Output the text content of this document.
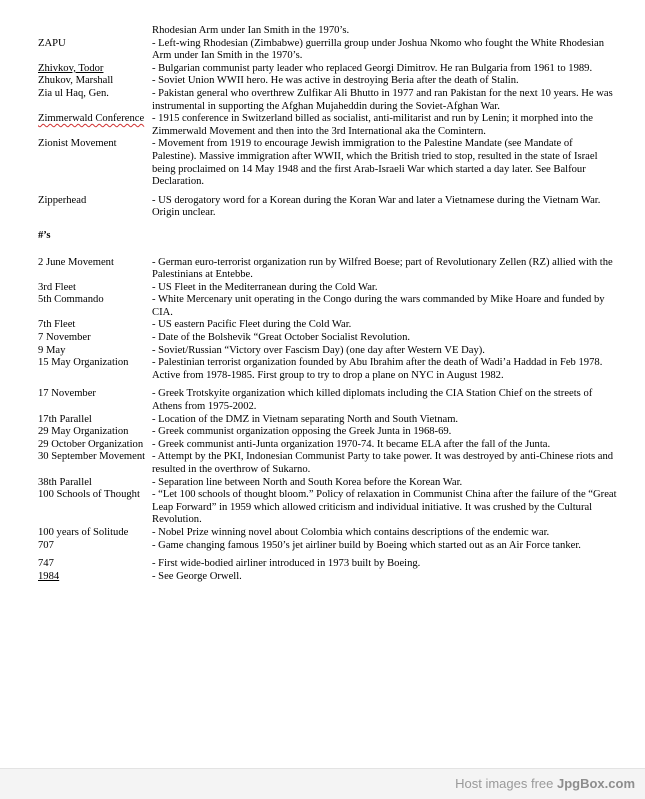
Rhodesian Arm under Ian Smith in the 1970’s.
ZAPU	- Left-wing Rhodesian (Zimbabwe) guerrilla group under Joshua Nkomo who fought the White Rhodesian Arm under Ian Smith in the 1970’s.
Zhivkov, Todor	- Bulgarian communist party leader who replaced Georgi Dimitrov. He ran Bulgaria from 1961 to 1989.
Zhukov, Marshall	- Soviet Union WWII hero. He was active in destroying Beria after the death of Stalin.
Zia ul Haq, Gen.	- Pakistan general who overthrew Zulfikar Ali Bhutto in 1977 and ran Pakistan for the next 10 years. He was instrumental in supporting the Afghan Mujaheddin during the Soviet-Afghan War.
Zimmerwald Conference - 1915 conference in Switzerland billed as socialist, anti-militarist and run by Lenin; it morphed into the Zimmerwald Movement and then into the 3rd International aka the Comintern.
Zionist Movement	- Movement from 1919 to encourage Jewish immigration to the Palestine Mandate (see Mandate of Palestine). Massive immigration after WWII, which the British tried to stop, resulted in the state of Israel being proclaimed on 14 May 1948 and the first Arab-Israeli War which started a day later. See Balfour Declaration.
Zipperhead	- US derogatory word for a Korean during the Koran War and later a Vietnamese during the Vietnam War. Origin unclear.
#’s
2 June Movement	- German euro-terrorist organization run by Wilfred Boese; part of Revolutionary Zellen (RZ) allied with the Palestinians at Entebbe.
3rd Fleet	- US Fleet in the Mediterranean during the Cold War.
5th Commando	- White Mercenary unit operating in the Congo during the wars commanded by Mike Hoare and funded by CIA.
7th Fleet	- US eastern Pacific Fleet during the Cold War.
7 November	- Date of the Bolshevik “Great October Socialist Revolution.
9 May	- Soviet/Russian “Victory over Fascism Day) (one day after Western VE Day).
15 May Organization	- Palestinian terrorist organization founded by Abu Ibrahim after the death of Wadi’a Haddad in Feb 1978. Active from 1978-1985. First group to try to drop a plane on NYC in August 1982.
17 November	- Greek Trotskyite organization which killed diplomats including the CIA Station Chief on the streets of Athens from 1975-2002.
17th Parallel	- Location of the DMZ in Vietnam separating North and South Vietnam.
29 May Organization	- Greek communist organization opposing the Greek Junta in 1968-69.
29 October Organization - Greek communist anti-Junta organization 1970-74. It became ELA after the fall of the Junta.
30 September Movement - Attempt by the PKI, Indonesian Communist Party to take power. It was destroyed by anti-Chinese riots and resulted in the overthrow of Sukarno.
38th Parallel	- Separation line between North and South Korea before the Korean War.
100 Schools of Thought	- “Let 100 schools of thought bloom.” Policy of relaxation in Communist China after the failure of the “Great Leap Forward” in 1959 which allowed criticism and individual initiative. It was crushed by the Cultural Revolution.
100 years of Solitude	- Nobel Prize winning novel about Colombia which contains descriptions of the endemic war.
707	- Game changing famous 1950’s jet airliner build by Boeing which started out as an Air Force tanker.
747	- First wide-bodied airliner introduced in 1973 built by Boeing.
1984	- See George Orwell.
Host images free JpgBox.com
